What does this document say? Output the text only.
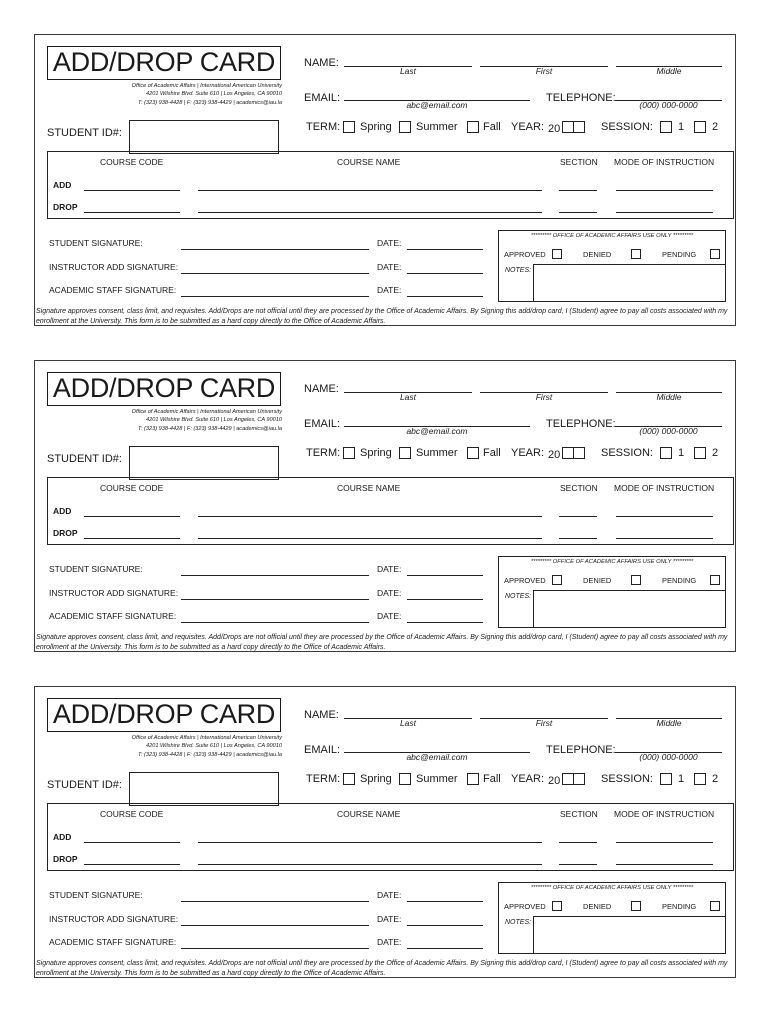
ADD/DROP CARD
Office of Academic Affairs | International American University
4201 Wilshire Blvd. Suite 610 | Los Angeles, CA 90010
T: (323) 938-4428 | F: (323) 938-4429 | academics@iau.la
NAME:
Last	First	Middle
EMAIL:
abc@email.com
TELEPHONE:
(000) 000-0000
STUDENT ID#:	TERM: Spring Summer Fall YEAR: 20	SESSION: 1	2
COURSE CODE	COURSE NAME	SECTION MODE OF INSTRUCTION
ADD
DROP
STUDENT SIGNATURE:	DATE:
INSTRUCTOR ADD SIGNATURE:	DATE:
ACADEMIC STAFF SIGNATURE:	DATE:
********* OFFICE OF ACADEMIC AFFAIRS USE ONLY *********
APPROVED	DENIED	PENDING
NOTES:
Signature approves consent, class limit, and requisites. Add/Drops are not official until they are processed by the Office of Academic Affairs. By Signing this add/drop card, I (Student) agree to pay all costs associated with my enrollment at the University. This form is to be submitted as a hard copy directly to the Office of Academic Affairs.
ADD/DROP CARD
Office of Academic Affairs | International American University
4201 Wilshire Blvd. Suite 610 | Los Angeles, CA 90010
T: (323) 938-4428 | F: (323) 938-4429 | academics@iau.la
NAME:
Last	First	Middle
EMAIL:
abc@email.com
TELEPHONE:
(000) 000-0000
STUDENT ID#:	TERM: Spring Summer Fall YEAR: 20	SESSION: 1	2
COURSE CODE	COURSE NAME	SECTION MODE OF INSTRUCTION
ADD
DROP
STUDENT SIGNATURE:	DATE:
INSTRUCTOR ADD SIGNATURE:	DATE:
ACADEMIC STAFF SIGNATURE:	DATE:
********* OFFICE OF ACADEMIC AFFAIRS USE ONLY *********
APPROVED	DENIED	PENDING
NOTES:
Signature approves consent, class limit, and requisites. Add/Drops are not official until they are processed by the Office of Academic Affairs. By Signing this add/drop card, I (Student) agree to pay all costs associated with my enrollment at the University. This form is to be submitted as a hard copy directly to the Office of Academic Affairs.
ADD/DROP CARD
Office of Academic Affairs | International American University
4201 Wilshire Blvd. Suite 610 | Los Angeles, CA 90010
T: (323) 938-4428 | F: (323) 938-4429 | academics@iau.la
NAME:
Last	First	Middle
EMAIL:
abc@email.com
TELEPHONE:
(000) 000-0000
STUDENT ID#:	TERM: Spring Summer Fall YEAR: 20	SESSION: 1	2
COURSE CODE	COURSE NAME	SECTION MODE OF INSTRUCTION
ADD
DROP
STUDENT SIGNATURE:	DATE:
INSTRUCTOR ADD SIGNATURE:	DATE:
ACADEMIC STAFF SIGNATURE:	DATE:
********* OFFICE OF ACADEMIC AFFAIRS USE ONLY *********
APPROVED	DENIED	PENDING
NOTES:
Signature approves consent, class limit, and requisites. Add/Drops are not official until they are processed by the Office of Academic Affairs. By Signing this add/drop card, I (Student) agree to pay all costs associated with my enrollment at the University. This form is to be submitted as a hard copy directly to the Office of Academic Affairs.
